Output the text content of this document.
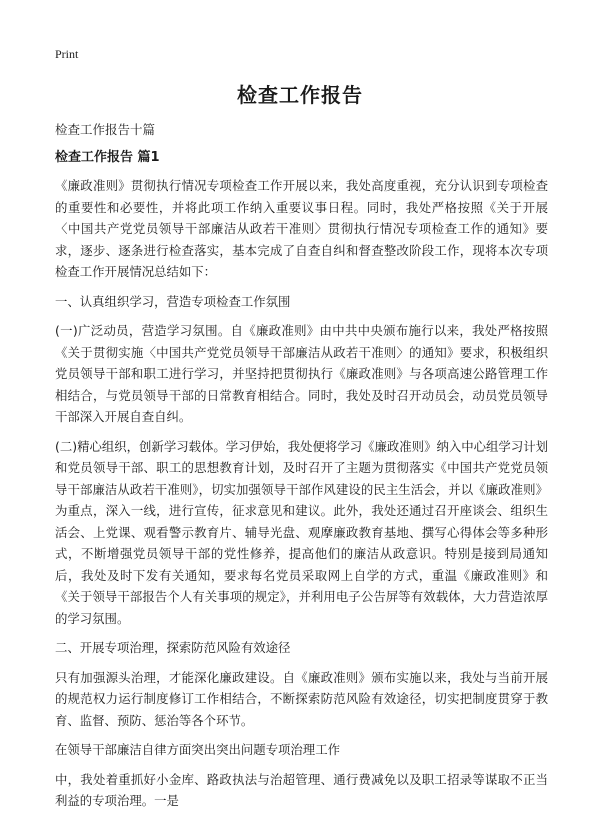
Print
检查工作报告

检查工作报告十篇

检查工作报告 篇1

《廉政准则》贯彻执行情况专项检查工作开展以来，我处高度重视，充分认识到专项检查的重要性和必要性，并将此项工作纳入重要议事日程。同时，我处严格按照《关于开展〈中国共产党党员领导干部廉洁从政若干准则〉贯彻执行情况专项检查工作的通知》要求，逐步、逐条进行检查落实，基本完成了自查自纠和督查整改阶段工作，现将本次专项检查工作开展情况总结如下：

一、认真组织学习，营造专项检查工作氛围

(一)广泛动员，营造学习氛围。自《廉政准则》由中共中央颁布施行以来，我处严格按照《关于贯彻实施〈中国共产党党员领导干部廉洁从政若干准则〉的通知》要求，积极组织党员领导干部和职工进行学习，并坚持把贯彻执行《廉政准则》与各项高速公路管理工作相结合，与党员领导干部的日常教育相结合。同时，我处及时召开动员会，动员党员领导干部深入开展自查自纠。

(二)精心组织，创新学习载体。学习伊始，我处便将学习《廉政准则》纳入中心组学习计划和党员领导干部、职工的思想教育计划，及时召开了主题为贯彻落实《中国共产党党员领导干部廉洁从政若干准则》，切实加强领导干部作风建设的民主生活会，并以《廉政准则》为重点，深入一线，进行宣传，征求意见和建议。此外，我处还通过召开座谈会、组织生活会、上党课、观看警示教育片、辅导光盘、观摩廉政教育基地、撰写心得体会等多种形式，不断增强党员领导干部的党性修养，提高他们的廉洁从政意识。特别是接到局通知后，我处及时下发有关通知，要求每名党员采取网上自学的方式，重温《廉政准则》和《关于领导干部报告个人有关事项的规定》，并利用电子公告屏等有效载体，大力营造浓厚的学习氛围。

二、开展专项治理，探索防范风险有效途径

只有加强源头治理，才能深化廉政建设。自《廉政准则》颁布实施以来，我处与当前开展的规范权力运行制度修订工作相结合，不断探索防范风险有效途径，切实把制度贯穿于教育、监督、预防、惩治等各个环节。

在领导干部廉洁自律方面突出突出问题专项治理工作

中，我处着重抓好小金库、路政执法与治超管理、通行费减免以及职工招录等谋取不正当利益的专项治理。一是
